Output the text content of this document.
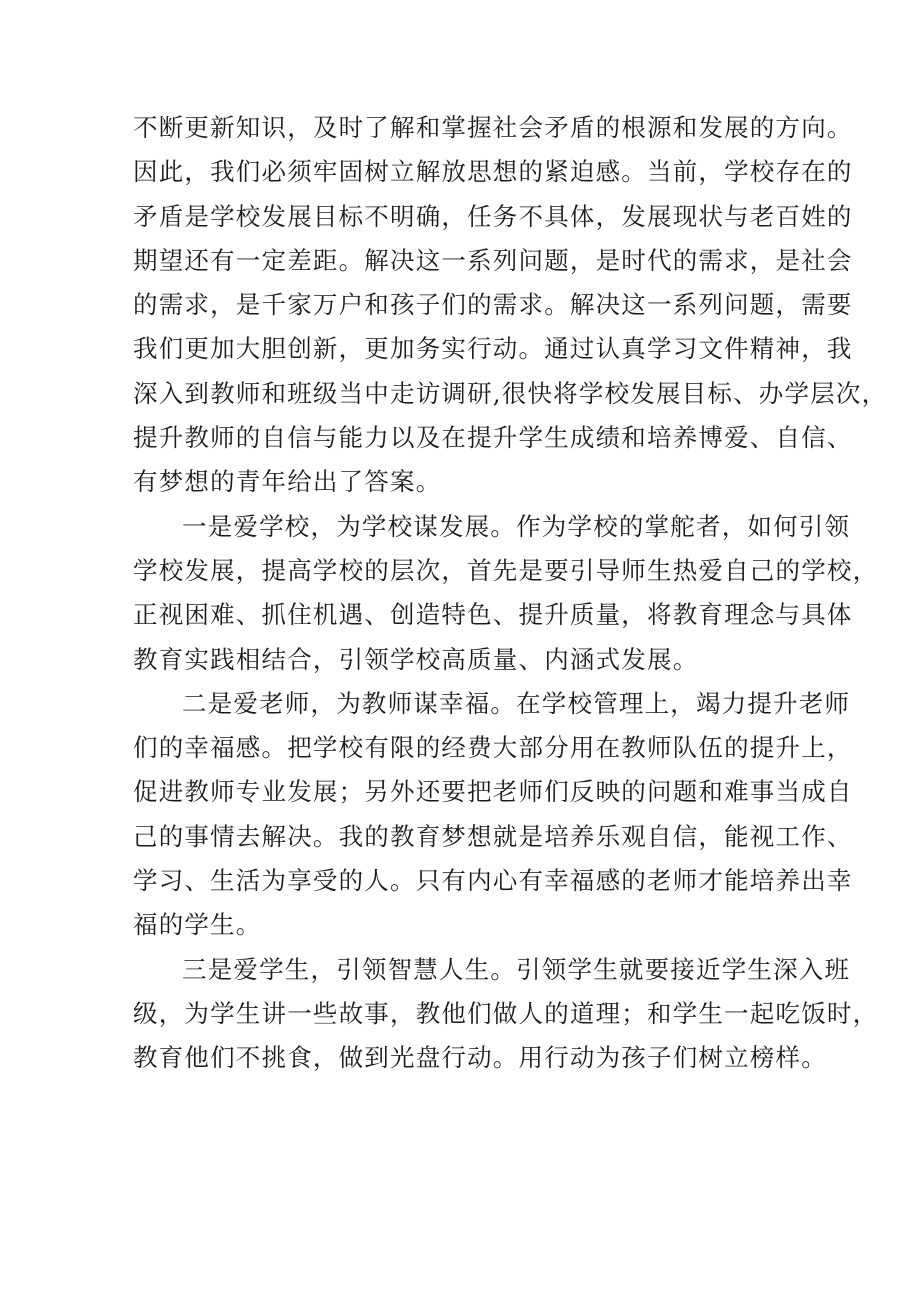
不断更新知识，及时了解和掌握社会矛盾的根源和发展的方向。
因此，我们必须牢固树立解放思想的紧迫感。当前，学校存在的
矛盾是学校发展目标不明确，任务不具体，发展现状与老百姓的
期望还有一定差距。解决这一系列问题，是时代的需求，是社会
的需求，是千家万户和孩子们的需求。解决这一系列问题，需要
我们更加大胆创新，更加务实行动。通过认真学习文件精神，我
深入到教师和班级当中走访调研,很快将学校发展目标、办学层次，
提升教师的自信与能力以及在提升学生成绩和培养博爱、自信、
有梦想的青年给出了答案。
一是爱学校，为学校谋发展。作为学校的掌舵者，如何引领
学校发展，提高学校的层次，首先是要引导师生热爱自己的学校，
正视困难、抓住机遇、创造特色、提升质量，将教育理念与具体
教育实践相结合，引领学校高质量、内涵式发展。
二是爱老师，为教师谋幸福。在学校管理上，竭力提升老师
们的幸福感。把学校有限的经费大部分用在教师队伍的提升上，
促进教师专业发展；另外还要把老师们反映的问题和难事当成自
己的事情去解决。我的教育梦想就是培养乐观自信，能视工作、
学习、生活为享受的人。只有内心有幸福感的老师才能培养出幸
福的学生。
三是爱学生，引领智慧人生。引领学生就要接近学生深入班
级，为学生讲一些故事，教他们做人的道理；和学生一起吃饭时，
教育他们不挑食，做到光盘行动。用行动为孩子们树立榜样。
